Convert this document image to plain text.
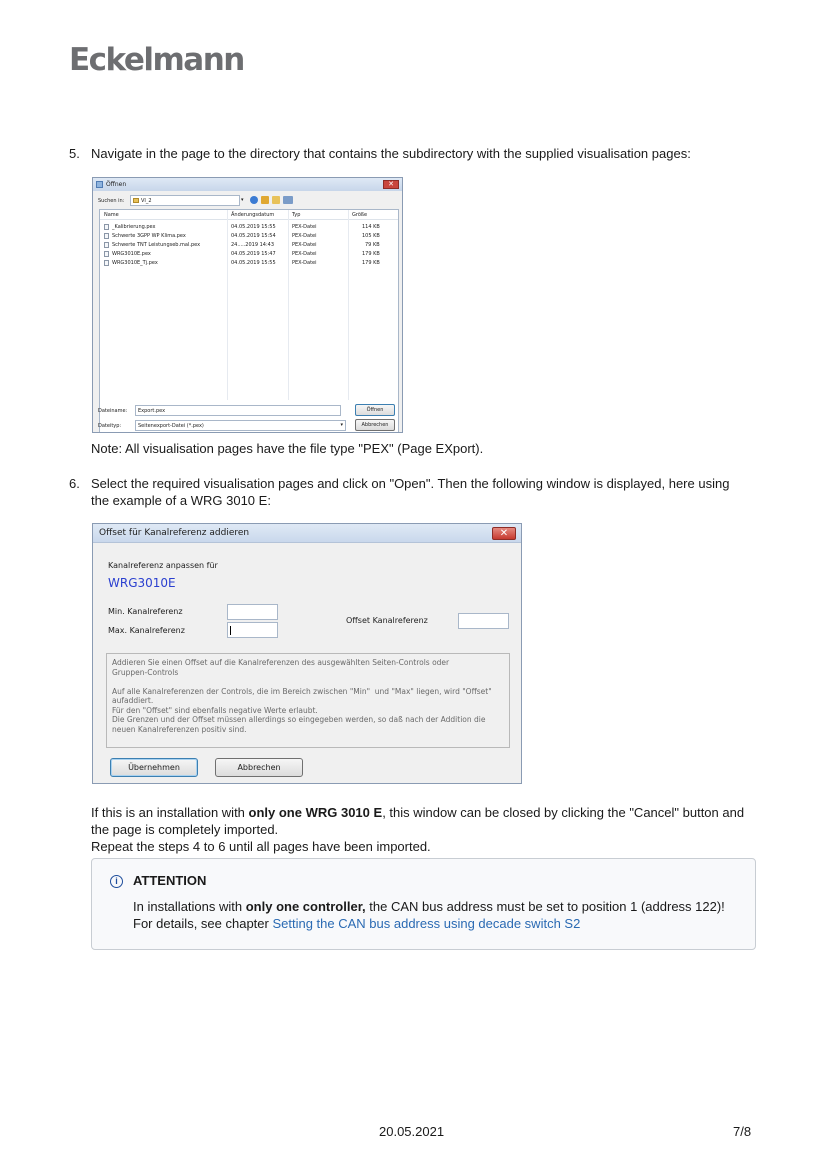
Eckelmann
5. Navigate in the page to the directory that contains the subdirectory with the supplied visualisation pages:
Öffnen	✕
Suchen in:	VI_2	▾
Name	Änderungsdatum	Typ	Größe
_Kalibrierung.pex	04.05.2019 15:55	PEX-Datei	114 KB
Schwerte 3GPP WP Klima.pex	04.05.2019 15:54	PEX-Datei	105 KB
Schwerte TNT Leistungseb.mal.pex	24.....2019 14:43	PEX-Datei	79 KB
WRG3010E.pex	04.05.2019 15:47	PEX-Datei	179 KB
WRG3010E_Tj.pex	04.05.2019 15:55	PEX-Datei	179 KB
Dateiname:	Export.pex
Dateityp:	Seitenexport-Datei (*.pex)	▾
Öffnen
Abbrechen
Note: All visualisation pages have the file type "PEX" (Page EXport).
6. Select the required visualisation pages and click on "Open". Then the following window is displayed, here using the example of a WRG 3010 E:
Offset für Kanalreferenz addieren	✕
Kanalreferenz anpassen für
WRG3010E
Min. Kanalreferenz
Max. Kanalreferenz
Offset Kanalreferenz

Addieren Sie einen Offset auf die Kanalreferenzen des ausgewählten Seiten-Controls oder
Gruppen-Controls

Auf alle Kanalreferenzen der Controls, die im Bereich zwischen "Min"  und "Max" liegen, wird "Offset"
aufaddiert.
Für den "Offset" sind ebenfalls negative Werte erlaubt.
Die Grenzen und der Offset müssen allerdings so eingegeben werden, so daß nach der Addition die
neuen Kanalreferenzen positiv sind.

Übernehmen	Abbrechen
If this is an installation with only one WRG 3010 E, this window can be closed by clicking the "Cancel" button and the page is completely imported.
Repeat the steps 4 to 6 until all pages have been imported.
i	ATTENTION
In installations with only one controller, the CAN bus address must be set to position 1 (address 122)! For details, see chapter Setting the CAN bus address using decade switch S2
20.05.2021	7/8
